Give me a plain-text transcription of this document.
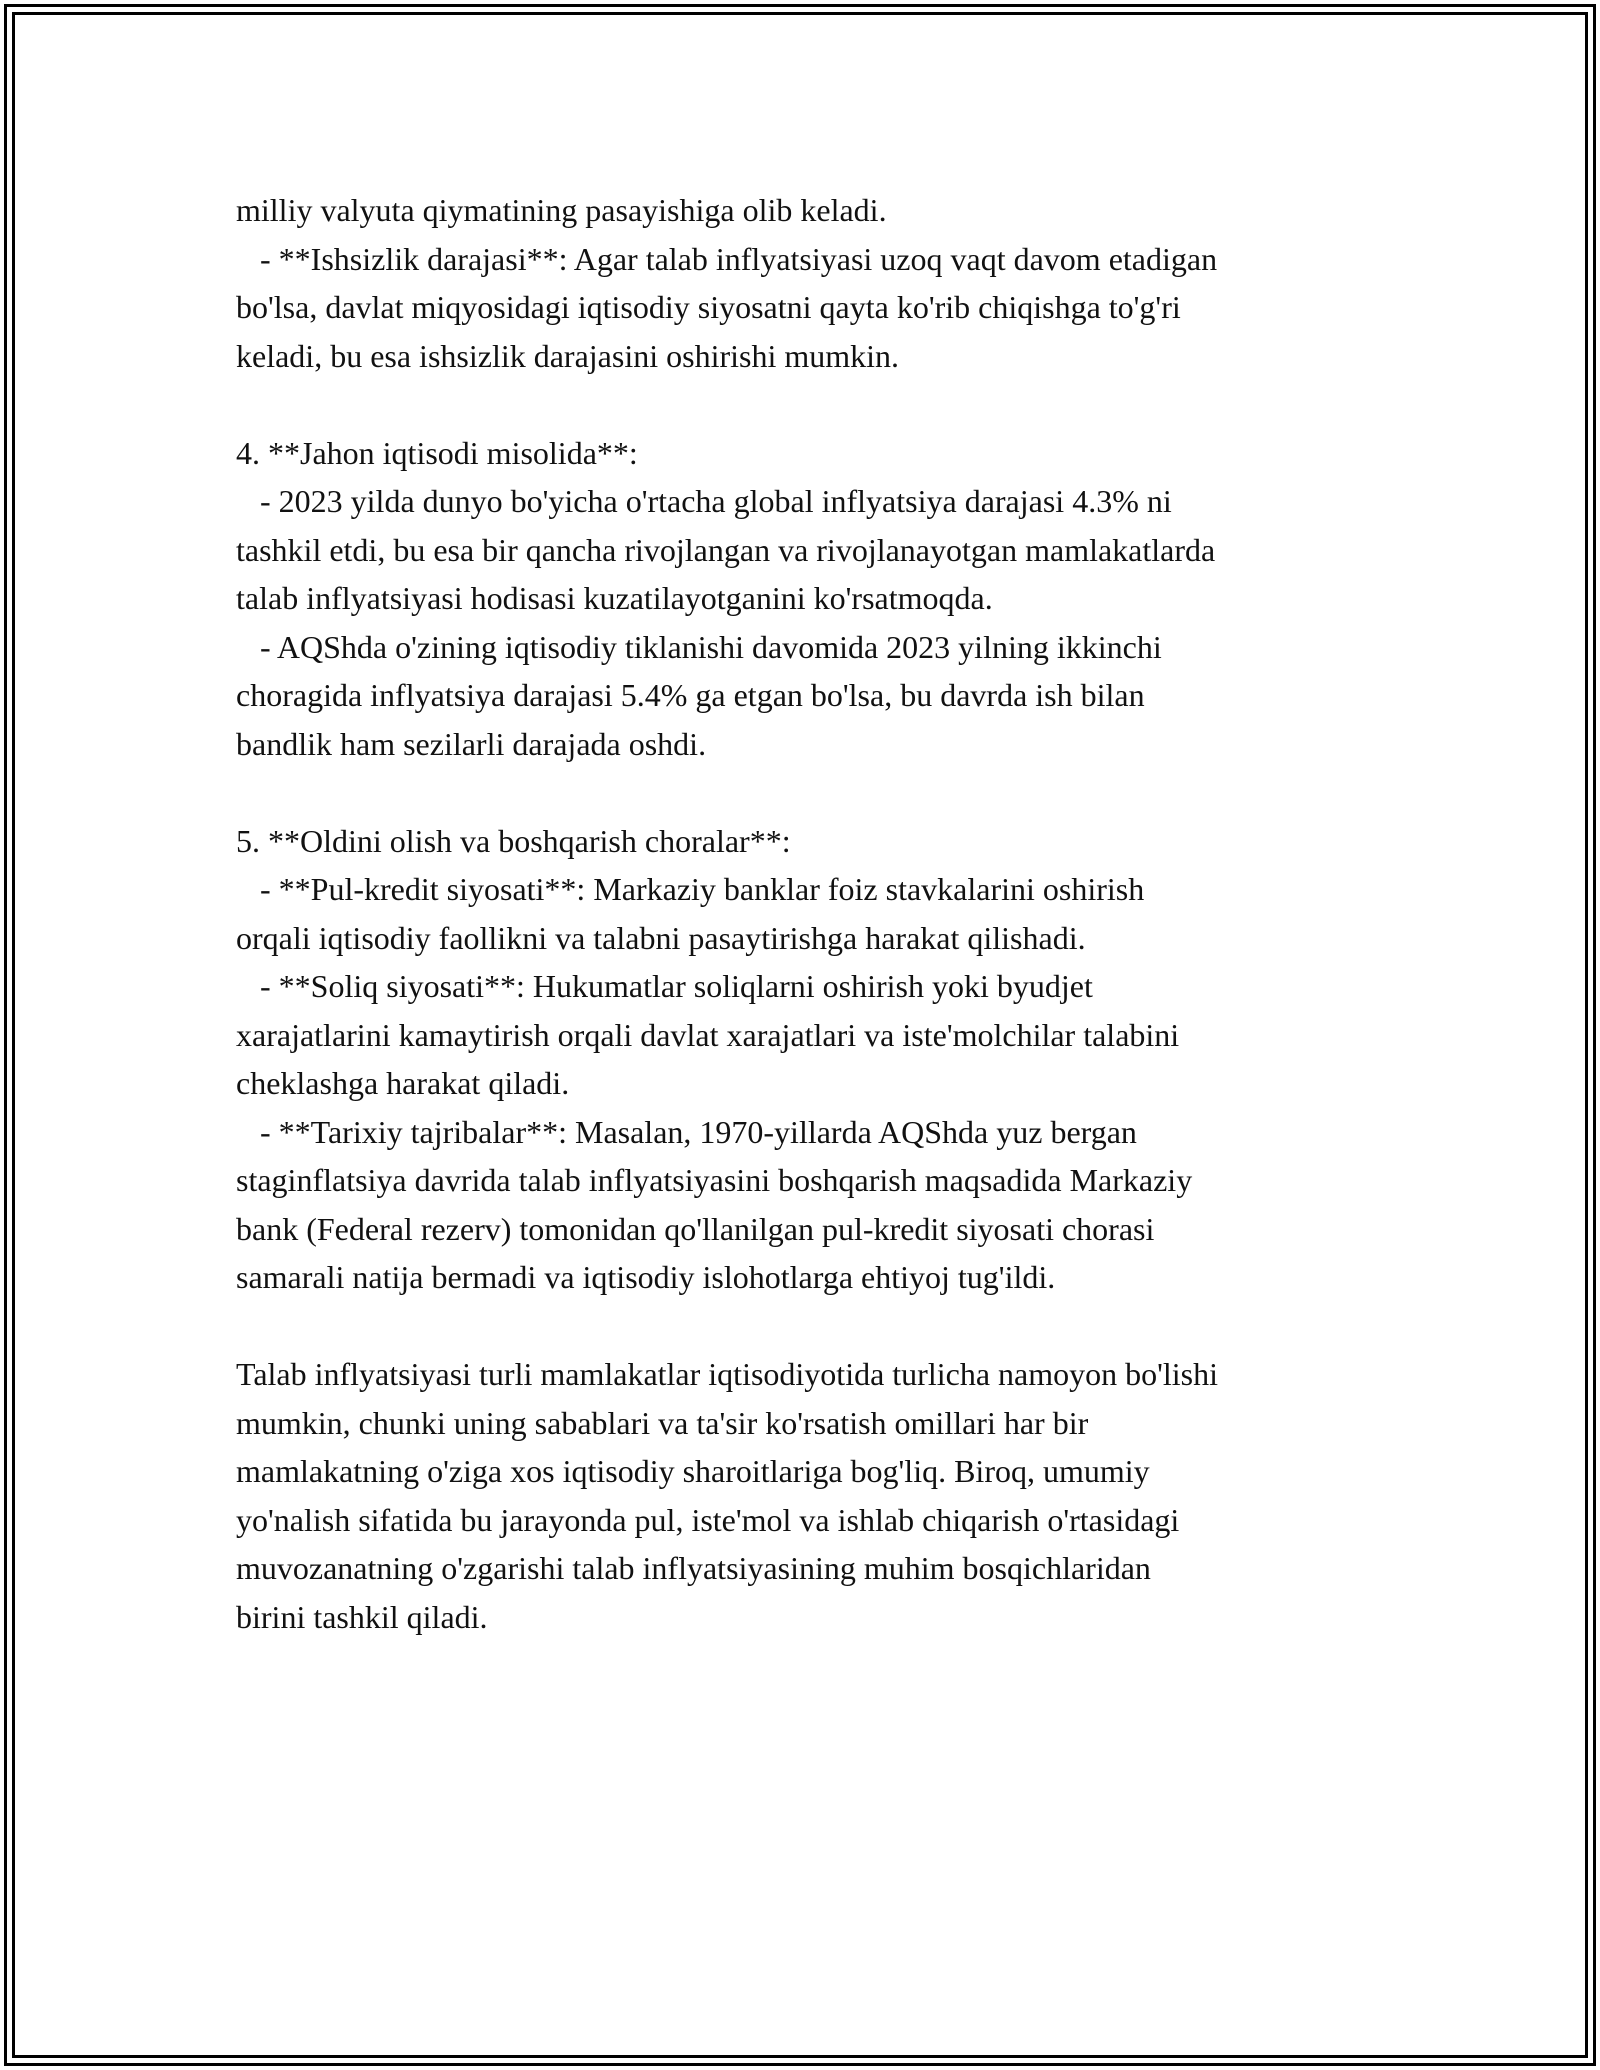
milliy valyuta qiymatining pasayishiga olib keladi.
- **Ishsizlik darajasi**: Agar talab inflyatsiyasi uzoq vaqt davom etadigan
bo'lsa, davlat miqyosidagi iqtisodiy siyosatni qayta ko'rib chiqishga to'g'ri
keladi, bu esa ishsizlik darajasini oshirishi mumkin.
4. **Jahon iqtisodi misolida**:
- 2023 yilda dunyo bo'yicha o'rtacha global inflyatsiya darajasi 4.3% ni
tashkil etdi, bu esa bir qancha rivojlangan va rivojlanayotgan mamlakatlarda
talab inflyatsiyasi hodisasi kuzatilayotganini ko'rsatmoqda.
- AQShda o'zining iqtisodiy tiklanishi davomida 2023 yilning ikkinchi
choragida inflyatsiya darajasi 5.4% ga etgan bo'lsa, bu davrda ish bilan
bandlik ham sezilarli darajada oshdi.
5. **Oldini olish va boshqarish choralar**:
- **Pul-kredit siyosati**: Markaziy banklar foiz stavkalarini oshirish
orqali iqtisodiy faollikni va talabni pasaytirishga harakat qilishadi.
- **Soliq siyosati**: Hukumatlar soliqlarni oshirish yoki byudjet
xarajatlarini kamaytirish orqali davlat xarajatlari va iste'molchilar talabini
cheklashga harakat qiladi.
- **Tarixiy tajribalar**: Masalan, 1970-yillarda AQShda yuz bergan
staginflatsiya davrida talab inflyatsiyasini boshqarish maqsadida Markaziy
bank (Federal rezerv) tomonidan qo'llanilgan pul-kredit siyosati chorasi
samarali natija bermadi va iqtisodiy islohotlarga ehtiyoj tug'ildi.
Talab inflyatsiyasi turli mamlakatlar iqtisodiyotida turlicha namoyon bo'lishi
mumkin, chunki uning sabablari va ta'sir ko'rsatish omillari har bir
mamlakatning o'ziga xos iqtisodiy sharoitlariga bog'liq. Biroq, umumiy
yo'nalish sifatida bu jarayonda pul, iste'mol va ishlab chiqarish o'rtasidagi
muvozanatning o'zgarishi talab inflyatsiyasining muhim bosqichlaridan
birini tashkil qiladi.
